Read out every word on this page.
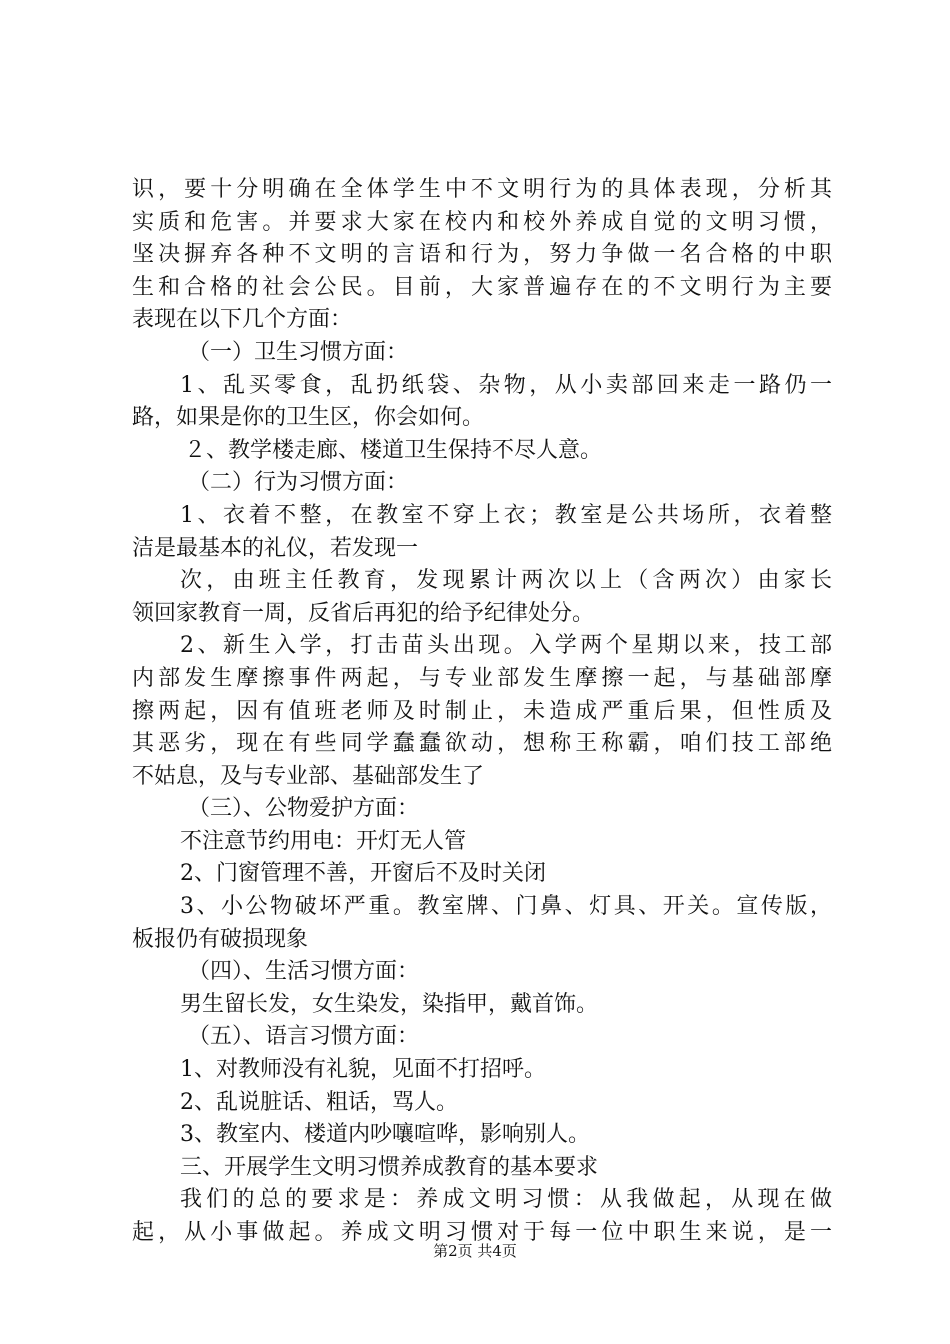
识，要十分明确在全体学生中不文明行为的具体表现，分析其
实质和危害。并要求大家在校内和校外养成自觉的文明习惯，
坚决摒弃各种不文明的言语和行为，努力争做一名合格的中职
生和合格的社会公民。目前，大家普遍存在的不文明行为主要
表现在以下几个方面：
（一）卫生习惯方面：
1、乱买零食，乱扔纸袋、杂物，从小卖部回来走一路仍一
路，如果是你的卫生区，你会如何。
２、教学楼走廊、楼道卫生保持不尽人意。
（二）行为习惯方面：
1、衣着不整，在教室不穿上衣；教室是公共场所，衣着整
洁是最基本的礼仪，若发现一
次，由班主任教育，发现累计两次以上（含两次）由家长
领回家教育一周，反省后再犯的给予纪律处分。
2、新生入学，打击苗头出现。入学两个星期以来，技工部
内部发生摩擦事件两起，与专业部发生摩擦一起，与基础部摩
擦两起，因有值班老师及时制止，未造成严重后果，但性质及
其恶劣，现在有些同学蠢蠢欲动，想称王称霸，咱们技工部绝
不姑息，及与专业部、基础部发生了
（三）、公物爱护方面：
不注意节约用电：开灯无人管
2、门窗管理不善，开窗后不及时关闭
3、小公物破坏严重。教室牌、门鼻、灯具、开关。宣传版，
板报仍有破损现象
（四）、生活习惯方面：
男生留长发，女生染发，染指甲，戴首饰。
（五）、语言习惯方面：
1、对教师没有礼貌，见面不打招呼。
2、乱说脏话、粗话，骂人。
3、教室内、楼道内吵嚷喧哗，影响别人。
三、开展学生文明习惯养成教育的基本要求
我们的总的要求是：养成文明习惯：从我做起，从现在做
起，从小事做起。养成文明习惯对于每一位中职生来说，是一
第2页 共4页
